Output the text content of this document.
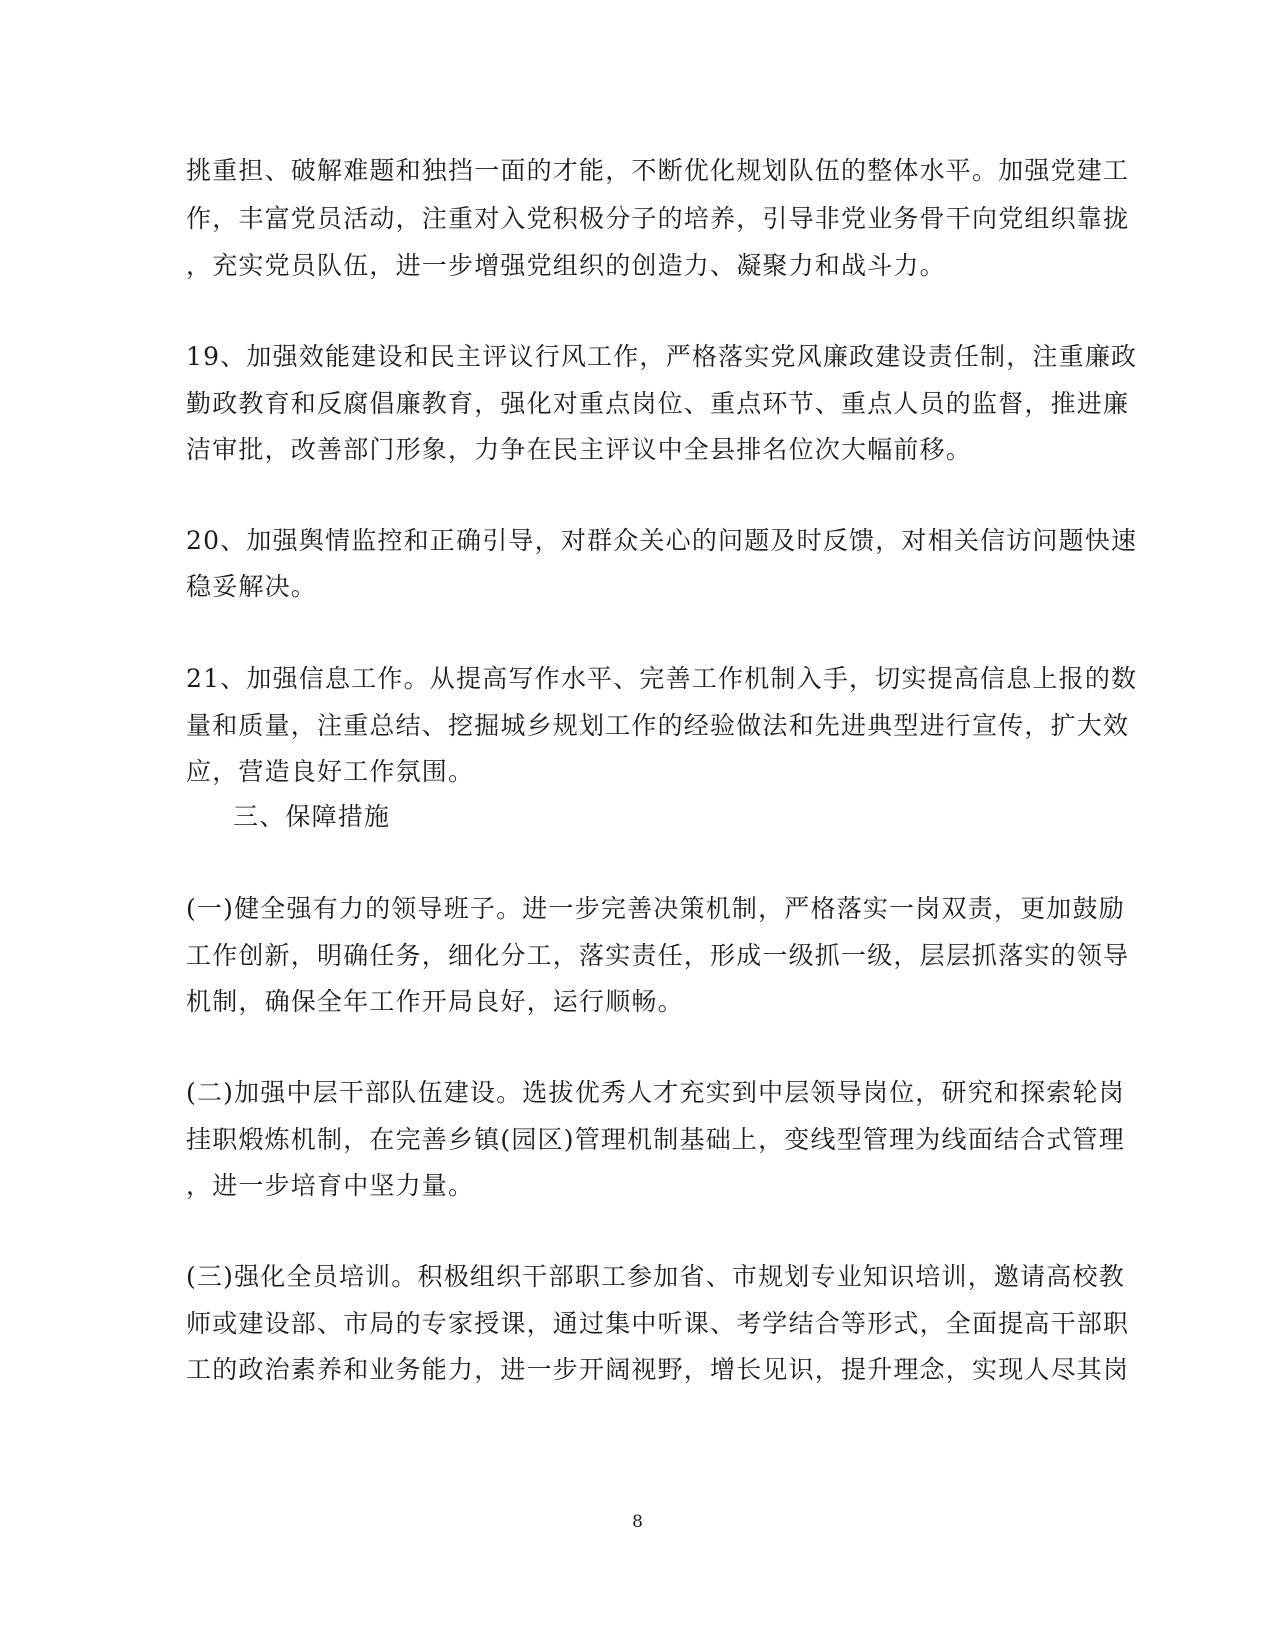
挑重担、破解难题和独挡一面的才能，不断优化规划队伍的整体水平。加强党建工
作，丰富党员活动，注重对入党积极分子的培养，引导非党业务骨干向党组织靠拢
，充实党员队伍，进一步增强党组织的创造力、凝聚力和战斗力。
19、加强效能建设和民主评议行风工作，严格落实党风廉政建设责任制，注重廉政
勤政教育和反腐倡廉教育，强化对重点岗位、重点环节、重点人员的监督，推进廉
洁审批，改善部门形象，力争在民主评议中全县排名位次大幅前移。
20、加强舆情监控和正确引导，对群众关心的问题及时反馈，对相关信访问题快速
稳妥解决。
21、加强信息工作。从提高写作水平、完善工作机制入手，切实提高信息上报的数
量和质量，注重总结、挖掘城乡规划工作的经验做法和先进典型进行宣传，扩大效
应，营造良好工作氛围。
三、保障措施
(一)健全强有力的领导班子。进一步完善决策机制，严格落实一岗双责，更加鼓励
工作创新，明确任务，细化分工，落实责任，形成一级抓一级，层层抓落实的领导
机制，确保全年工作开局良好，运行顺畅。
(二)加强中层干部队伍建设。选拔优秀人才充实到中层领导岗位，研究和探索轮岗
挂职煅炼机制，在完善乡镇(园区)管理机制基础上，变线型管理为线面结合式管理
，进一步培育中坚力量。
(三)强化全员培训。积极组织干部职工参加省、市规划专业知识培训，邀请高校教
师或建设部、市局的专家授课，通过集中听课、考学结合等形式，全面提高干部职
工的政治素养和业务能力，进一步开阔视野，增长见识，提升理念，实现人尽其岗
8
